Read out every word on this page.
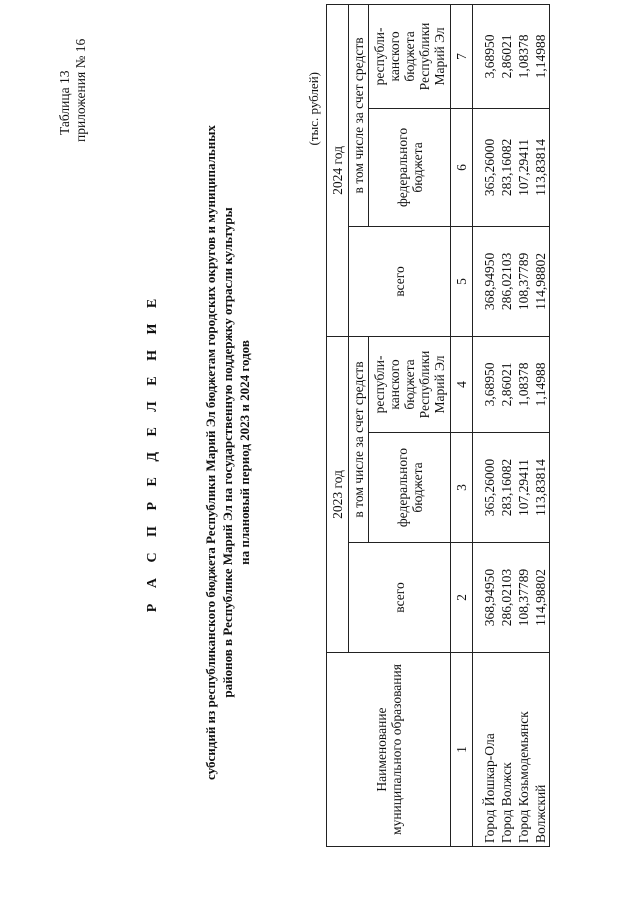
Таблица 13 приложения № 16
Р А С П Р Е Д Е Л Е Н И Е	субсидий из республиканского бюджета Республики Марий Эл бюджетам городских округов и муниципальных районов в Республике Марий Эл на государственную поддержку отрасли культуры на плановый период 2023 и 2024 годов
(тыс. рублей)
Наименование муниципального образования	2023 год			2024 год		
	всего	в том числе за счет средств		всего	в том числе за счет средств	
		федерального бюджета	республи-канского бюджета Республики Марий Эл		федерального бюджета	республи-канского бюджета Республики Марий Эл
1	2	3	4	5	6	7
Город Йошкар-Ола	368,94950	365,26000	3,68950	368,94950	365,26000	3,68950
Город Волжск	286,02103	283,16082	2,86021	286,02103	283,16082	2,86021
Город Козьмодемьянск	108,37789	107,29411	1,08378	108,37789	107,29411	1,08378
Волжский	114,98802	113,83814	1,14988	114,98802	113,83814	1,14988
